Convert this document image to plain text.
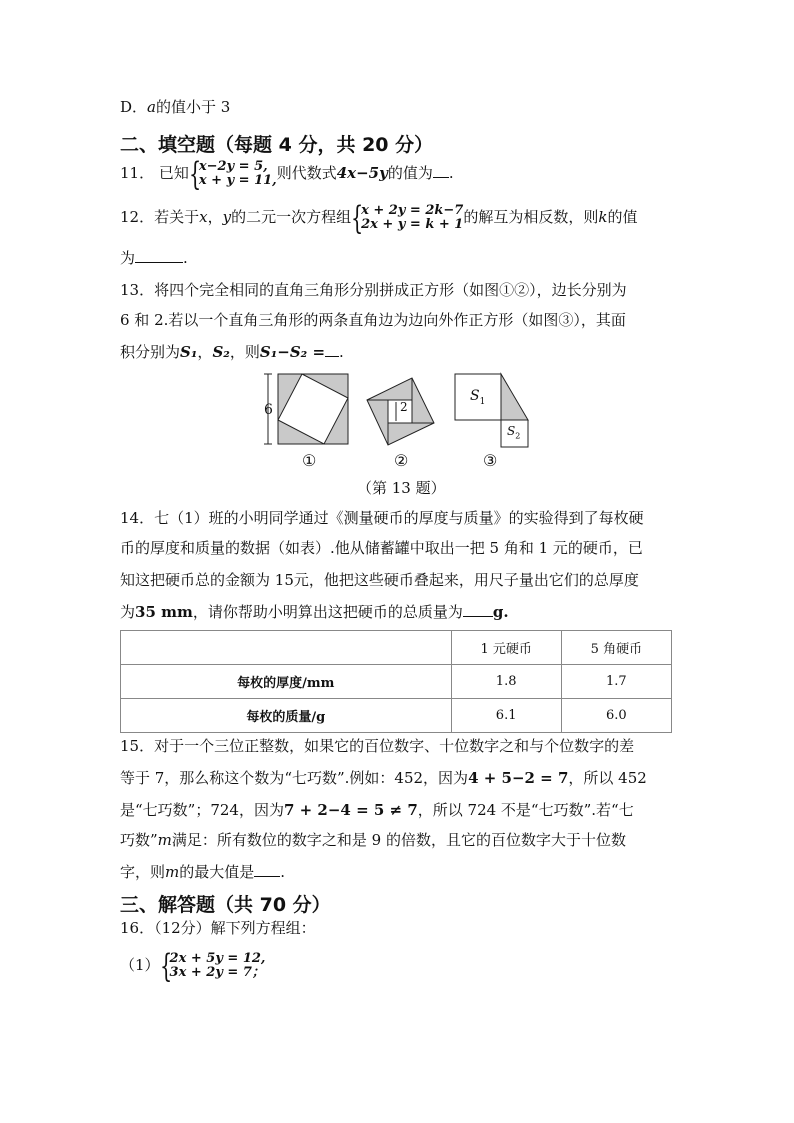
D．a的值小于 3
二、填空题（每题 4 分，共 20 分）
11． 已知 {
x−2y = 5,
x + y = 11, 则代数式4x−5y的值为 .
12．若关于x，y的二元一次方程组 {
x + 2y = 2k−7
2x + y = k + 1 的解互为相反数，则k的值
为	.
13．将四个完全相同的直角三角形分别拼成正方形（如图①②），边长分别为
6 和 2.若以一个直角三角形的两条直角边为边向外作正方形（如图③），其面
积分别为S₁，S₂，则S₁−S₂ = .
6	2
$S_1$
$S_2$
①	②	③
（第 13 题）
14．七（1）班的小明同学通过《测量硬币的厚度与质量》的实验得到了每枚硬
币的厚度和质量的数据（如表）.他从储蓄罐中取出一把 5 角和 1 元的硬币，已
知这把硬币总的金额为 15元，他把这些硬币叠起来，用尺子量出它们的总厚度
为35 mm，请你帮助小明算出这把硬币的总质量为 g.
	1 元硬币	5 角硬币
每枚的厚度/mm	1.8	1.7
每枚的质量/g	6.1	6.0
15．对于一个三位正整数，如果它的百位数字、十位数字之和与个位数字的差
等于 7，那么称这个数为“七巧数”.例如：452，因为4 + 5−2 = 7，所以 452
是“七巧数”；724，因为7 + 2−4 = 5 ≠ 7，所以 724 不是“七巧数”.若“七
巧数”m满足：所有数位的数字之和是 9 的倍数，且它的百位数字大于十位数
字，则m的最大值是 .
三、解答题（共 70 分）
16．（12分）解下列方程组：
（1） {
2x + 5y = 12,
3x + 2y = 7；
